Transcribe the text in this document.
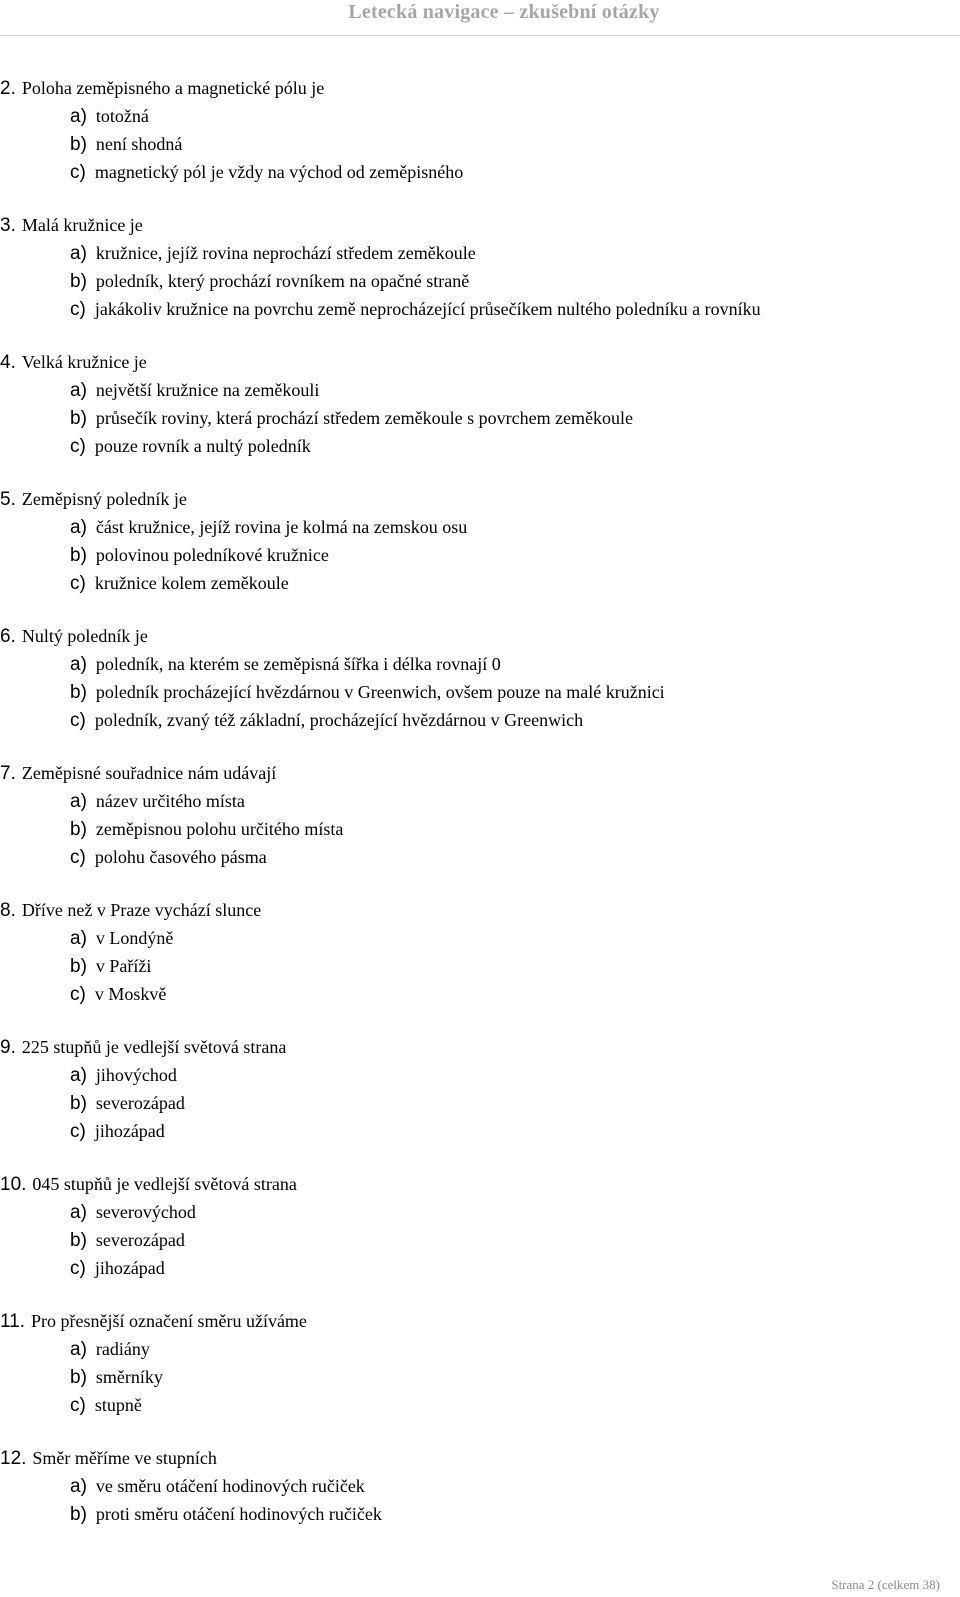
Letecká navigace – zkušební otázky
2. Poloha zeměpisného a magnetické pólu je
a) totožná
b) není shodná
c) magnetický pól je vždy na východ od zeměpisného
3. Malá kružnice je
a) kružnice, jejíž rovina neprochází středem zeměkoule
b) poledník, který prochází rovníkem na opačné straně
c) jakákoliv kružnice na povrchu země neprocházející průsečíkem nultého poledníku a rovníku
4. Velká kružnice je
a) největší kružnice na zeměkouli
b) průsečík roviny, která prochází středem zeměkoule s povrchem zeměkoule
c) pouze rovník a nultý poledník
5. Zeměpisný poledník je
a) část kružnice, jejíž rovina je kolmá na zemskou osu
b) polovinou poledníkové kružnice
c) kružnice kolem zeměkoule
6. Nultý poledník je
a) poledník, na kterém se zeměpisná šířka i délka rovnají 0
b) poledník procházející hvězdárnou v Greenwich, ovšem pouze na malé kružnici
c) poledník, zvaný též základní, procházející hvězdárnou v Greenwich
7. Zeměpisné souřadnice nám udávají
a) název určitého místa
b) zeměpisnou polohu určitého místa
c) polohu časového pásma
8. Dříve než v Praze vychází slunce
a) v Londýně
b) v Paříži
c) v Moskvě
9. 225 stupňů je vedlejší světová strana
a) jihovýchod
b) severozápad
c) jihozápad
10. 045 stupňů je vedlejší světová strana
a) severovýchod
b) severozápad
c) jihozápad
11. Pro přesnější označení směru užíváme
a) radiány
b) směrníky
c) stupně
12. Směr měříme ve stupních
a) ve směru otáčení hodinových ručiček
b) proti směru otáčení hodinových ručiček
Strana 2 (celkem 38)
